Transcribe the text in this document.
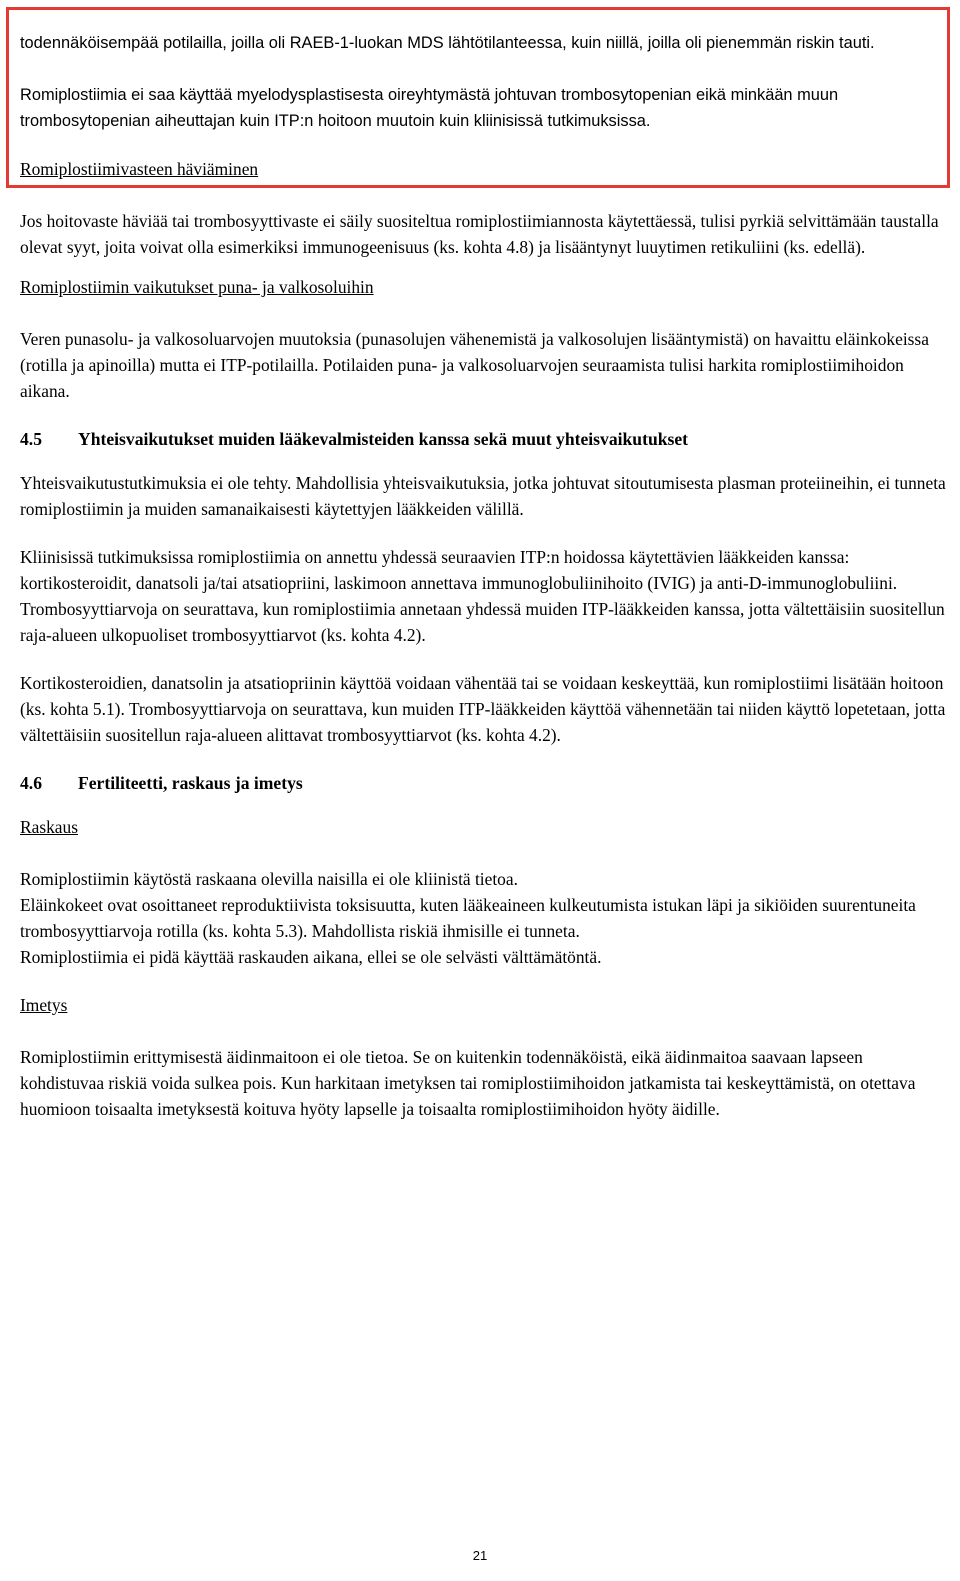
todennäköisempää potilailla, joilla oli RAEB-1-luokan MDS lähtötilanteessa, kuin niillä, joilla oli pienemmän riskin tauti.

Romiplostiimia ei saa käyttää myelodysplastisesta oireyhtymästä johtuvan trombosytopenian eikä minkään muun trombosytopenian aiheuttajan kuin ITP:n hoitoon muutoin kuin kliinisissä tutkimuksissa.

Romiplostiimivasteen häviäminen

Jos hoitovaste häviää tai trombosyyttivaste ei säily suositeltua romiplostiimiannosta käytettäessä, tulisi pyrkiä selvittämään taustalla olevat syyt, joita voivat olla esimerkiksi immunogeenisuus (ks. kohta 4.8) ja lisääntynyt luuytimen retikuliini (ks. edellä).

Romiplostiimin vaikutukset puna- ja valkosoluihin

Veren punasolu- ja valkosoluarvojen muutoksia (punasolujen vähenemistä ja valkosolujen lisääntymistä) on havaittu eläinkokeissa (rotilla ja apinoilla) mutta ei ITP-potilailla. Potilaiden puna- ja valkosoluarvojen seuraamista tulisi harkita romiplostiimihoidon aikana.

4.5	Yhteisvaikutukset muiden lääkevalmisteiden kanssa sekä muut yhteisvaikutukset

Yhteisvaikutustutkimuksia ei ole tehty. Mahdollisia yhteisvaikutuksia, jotka johtuvat sitoutumisesta plasman proteiineihin, ei tunneta romiplostiimin ja muiden samanaikaisesti käytettyjen lääkkeiden välillä.

Kliinisissä tutkimuksissa romiplostiimia on annettu yhdessä seuraavien ITP:n hoidossa käytettävien lääkkeiden kanssa: kortikosteroidit, danatsoli ja/tai atsatiopriini, laskimoon annettava immunoglobuliinihoito (IVIG) ja anti-D-immunoglobuliini. Trombosyyttiarvoja on seurattava, kun romiplostiimia annetaan yhdessä muiden ITP-lääkkeiden kanssa, jotta vältettäisiin suositellun raja-alueen ulkopuoliset trombosyyttiarvot (ks. kohta 4.2).

Kortikosteroidien, danatsolin ja atsatiopriinin käyttöä voidaan vähentää tai se voidaan keskeyttää, kun romiplostiimi lisätään hoitoon (ks. kohta 5.1). Trombosyyttiarvoja on seurattava, kun muiden ITP-lääkkeiden käyttöä vähennetään tai niiden käyttö lopetetaan, jotta vältettäisiin suositellun raja-alueen alittavat trombosyyttiarvot (ks. kohta 4.2).

4.6	Fertiliteetti, raskaus ja imetys

Raskaus

Romiplostiimin käytöstä raskaana olevilla naisilla ei ole kliinistä tietoa.

Eläinkokeet ovat osoittaneet reproduktiivista toksisuutta, kuten lääkeaineen kulkeutumista istukan läpi ja sikiöiden suurentuneita trombosyyttiarvoja rotilla (ks. kohta 5.3). Mahdollista riskiä ihmisille ei tunneta.

Romiplostiimia ei pidä käyttää raskauden aikana, ellei se ole selvästi välttämätöntä.

Imetys

Romiplostiimin erittymisestä äidinmaitoon ei ole tietoa. Se on kuitenkin todennäköistä, eikä äidinmaitoa saavaan lapseen kohdistuvaa riskiä voida sulkea pois. Kun harkitaan imetyksen tai romiplostiimihoidon jatkamista tai keskeyttämistä, on otettava huomioon toisaalta imetyksestä koituva hyöty lapselle ja toisaalta romiplostiimihoidon hyöty äidille.

21
